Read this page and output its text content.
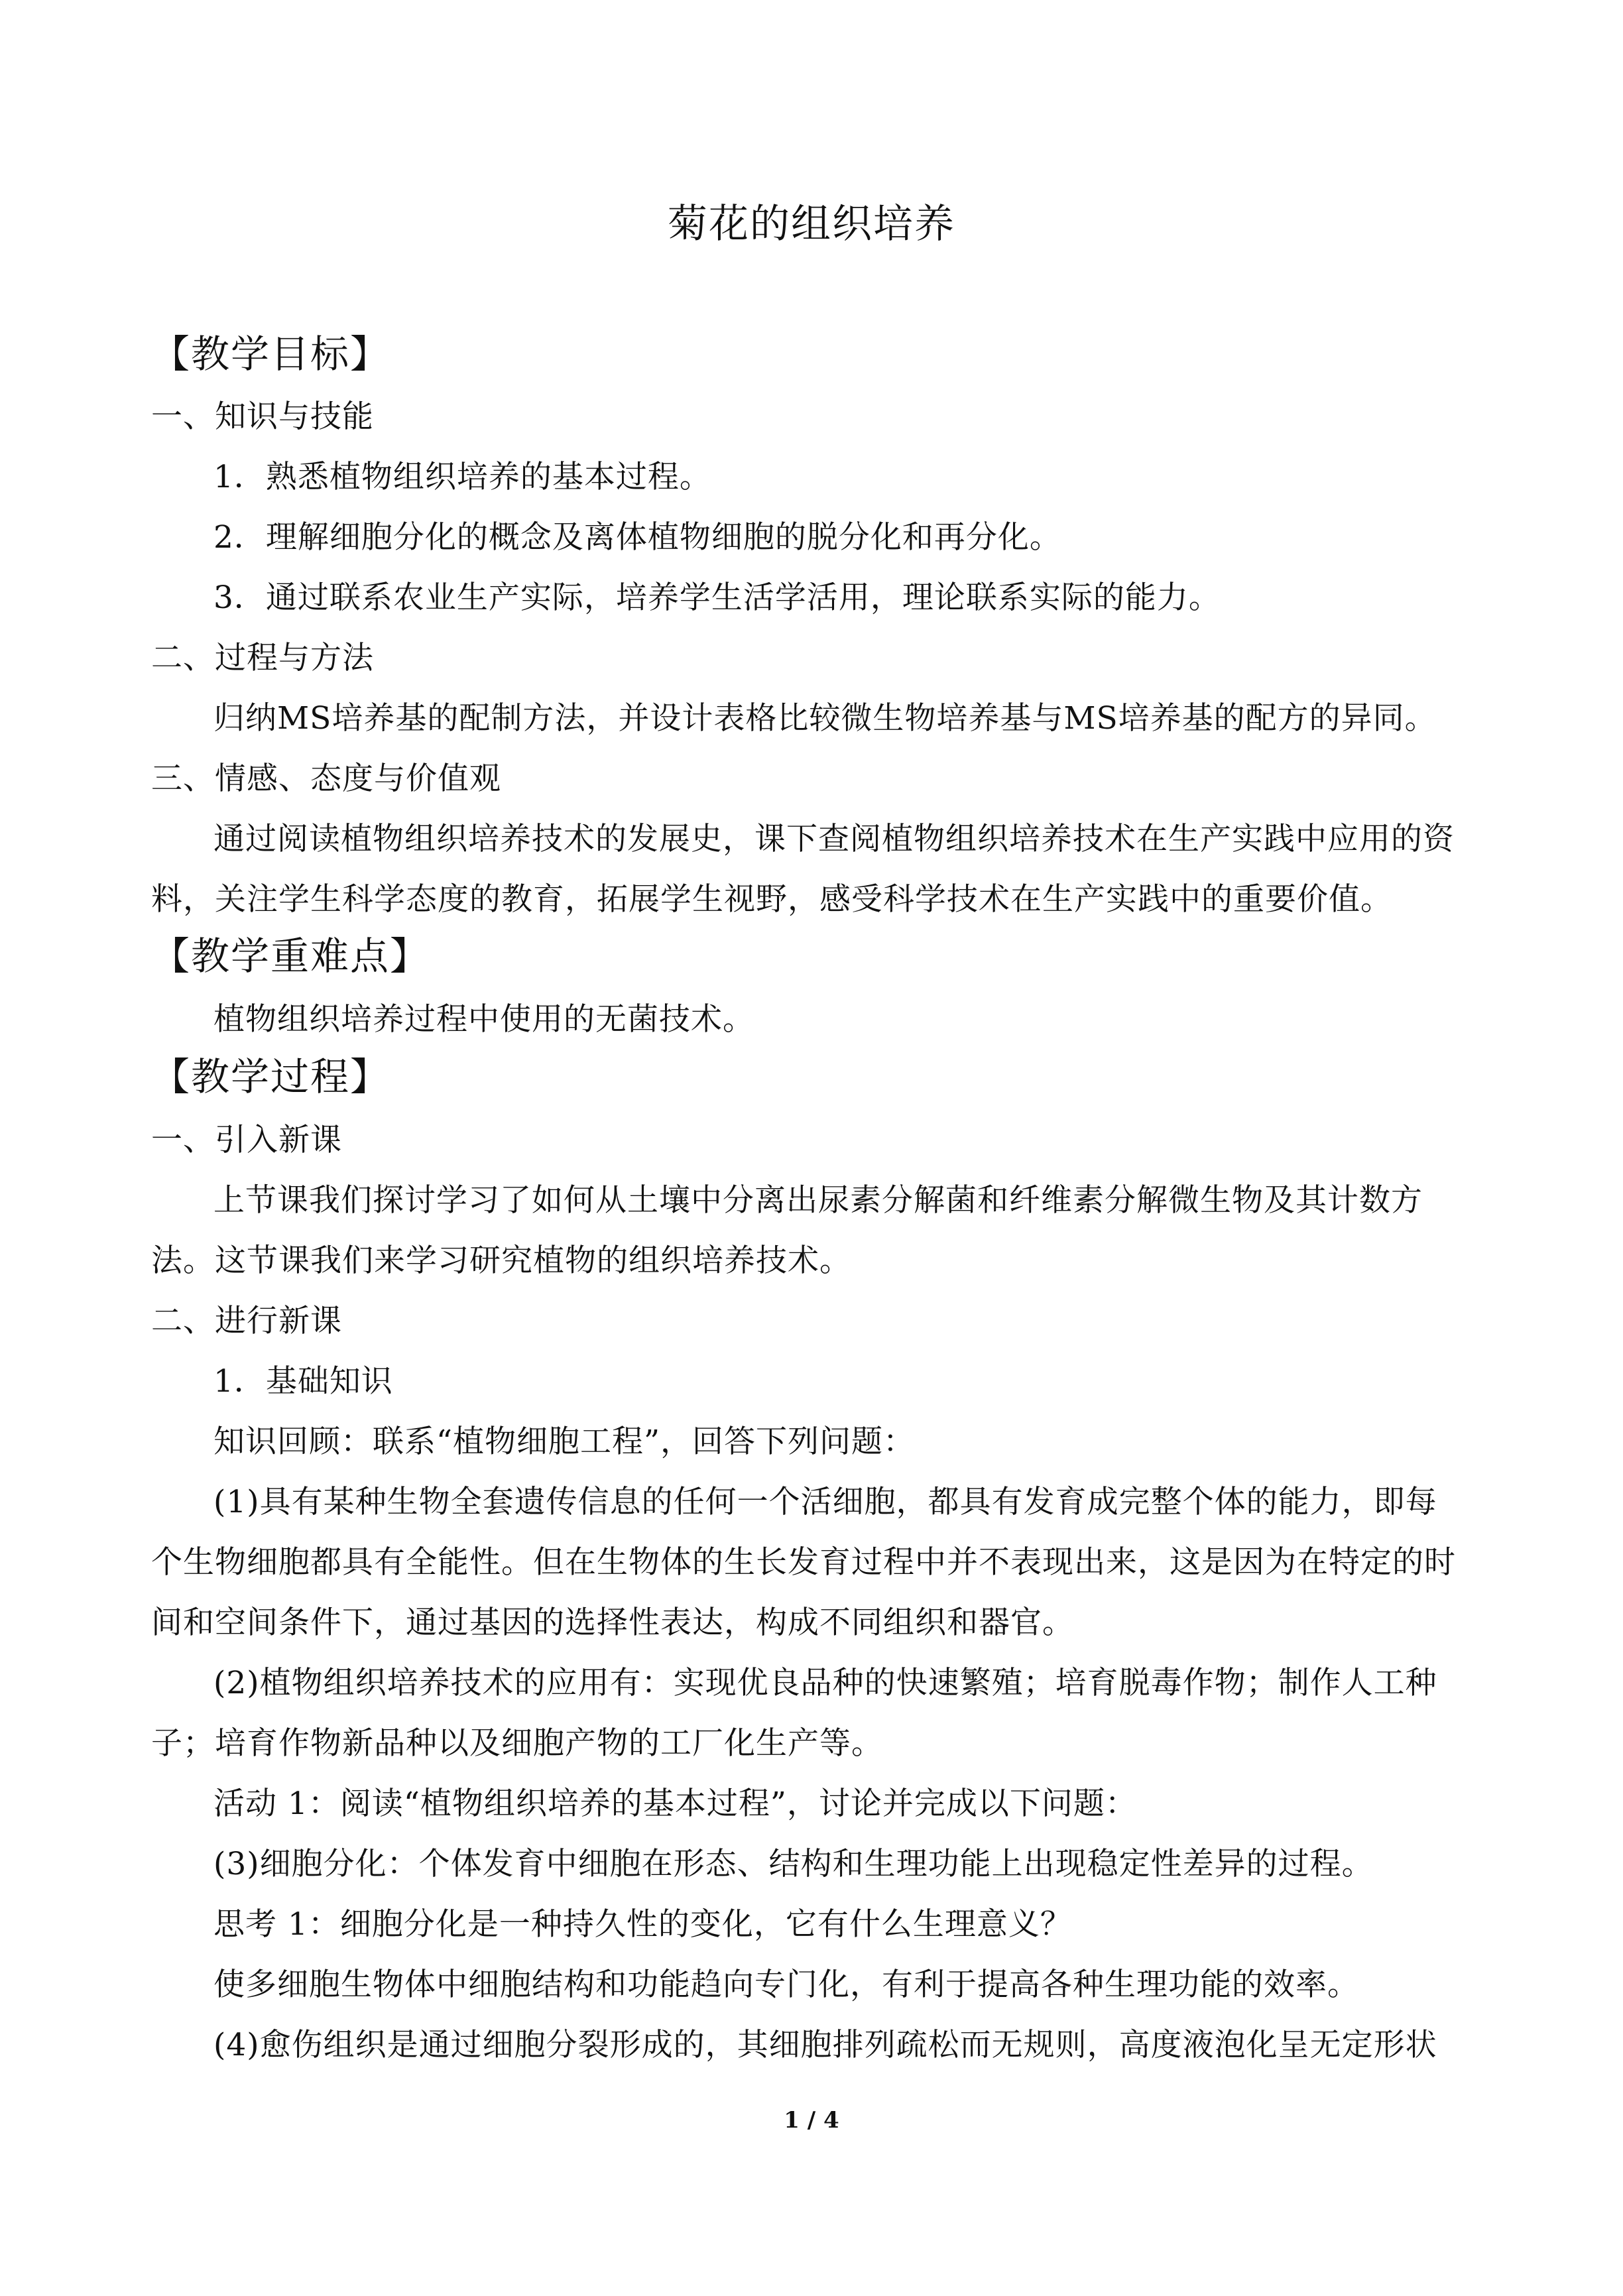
菊花的组织培养
【教学目标】
一、知识与技能
1．熟悉植物组织培养的基本过程。
2．理解细胞分化的概念及离体植物细胞的脱分化和再分化。
3．通过联系农业生产实际，培养学生活学活用，理论联系实际的能力。
二、过程与方法
归纳MS培养基的配制方法，并设计表格比较微生物培养基与MS培养基的配方的异同。
三、情感、态度与价值观
通过阅读植物组织培养技术的发展史，课下查阅植物组织培养技术在生产实践中应用的资
料，关注学生科学态度的教育，拓展学生视野，感受科学技术在生产实践中的重要价值。
【教学重难点】
植物组织培养过程中使用的无菌技术。
【教学过程】
一、引入新课
上节课我们探讨学习了如何从土壤中分离出尿素分解菌和纤维素分解微生物及其计数方
法。这节课我们来学习研究植物的组织培养技术。
二、进行新课
1．基础知识
知识回顾：联系“植物细胞工程”，回答下列问题：
(1)具有某种生物全套遗传信息的任何一个活细胞，都具有发育成完整个体的能力，即每
个生物细胞都具有全能性。但在生物体的生长发育过程中并不表现出来，这是因为在特定的时
间和空间条件下，通过基因的选择性表达，构成不同组织和器官。
(2)植物组织培养技术的应用有：实现优良品种的快速繁殖；培育脱毒作物；制作人工种
子；培育作物新品种以及细胞产物的工厂化生产等。
活动 1：阅读“植物组织培养的基本过程”，讨论并完成以下问题：
(3)细胞分化：个体发育中细胞在形态、结构和生理功能上出现稳定性差异的过程。
思考 1：细胞分化是一种持久性的变化，它有什么生理意义？
使多细胞生物体中细胞结构和功能趋向专门化，有利于提高各种生理功能的效率。
(4)愈伤组织是通过细胞分裂形成的，其细胞排列疏松而无规则，高度液泡化呈无定形状
1 / 4
